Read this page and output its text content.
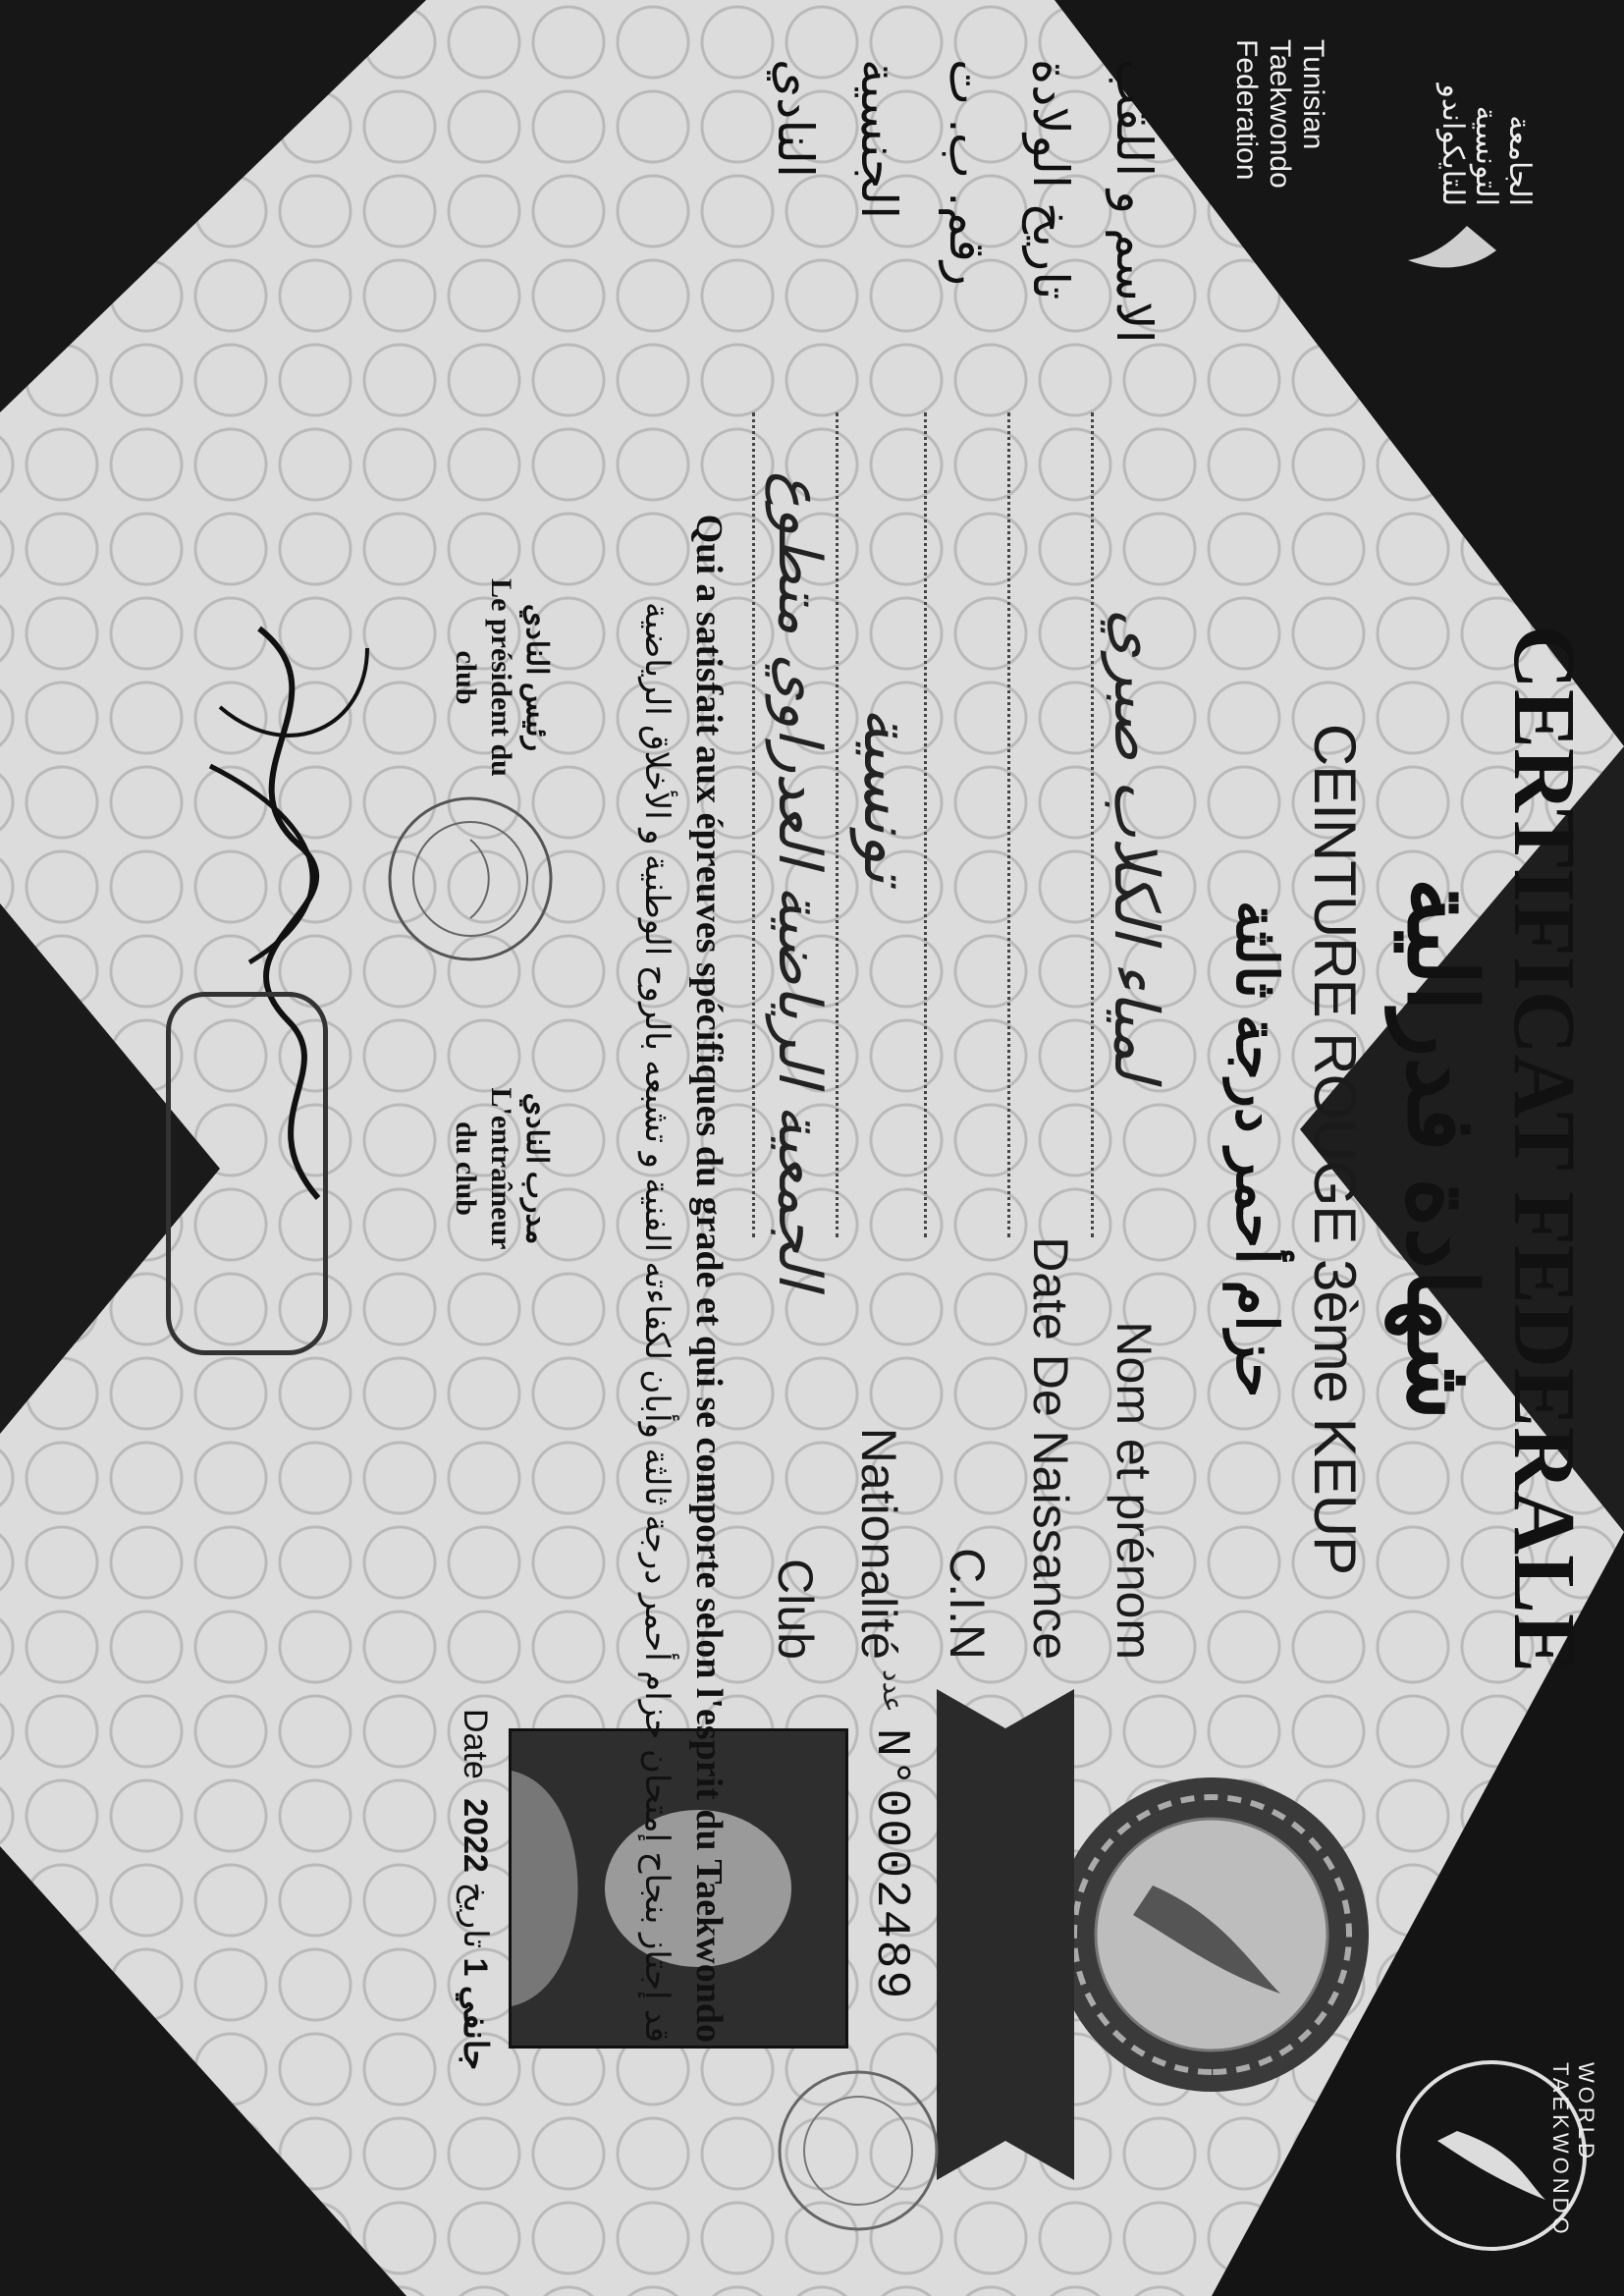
الجامعة
التونسية
للتايكواندو
Tunisian
Taekwondo
Federation
WORLD TAEKWONDO
CERTIFICAT FEDERALE
شهادة فدرالية
CEINTURE ROUGE 3ème KEUP
حزام أحمر درجة ثالثة
N°0002489
عدد
Date 2022 جانفي 1 تاريخ
Nom et prénom
الاسم و اللقب
لمياء الكلاب صبري
Date De Naissance
تاريخ الولادة
C.I.N
رقم. ب. ت
Nationalité
الجنسية
تونسية
Club
النادي
الجمعية الرياضية العدراوي متطوع
Qui a satisfait aux épreuves spécifiques du grade et qui se comporte selon l'esprit du Taekwondo
قد إجتاز بنجاح إمتحان حزام أحمر درجة ثالثة وأبان لكفاءته الفنية و تشبعه بالروح الوطنية و الأخلاق الرياضية
رئيس النادي
Le président du
club
مدرب النادي
L'entraîneur
du club
